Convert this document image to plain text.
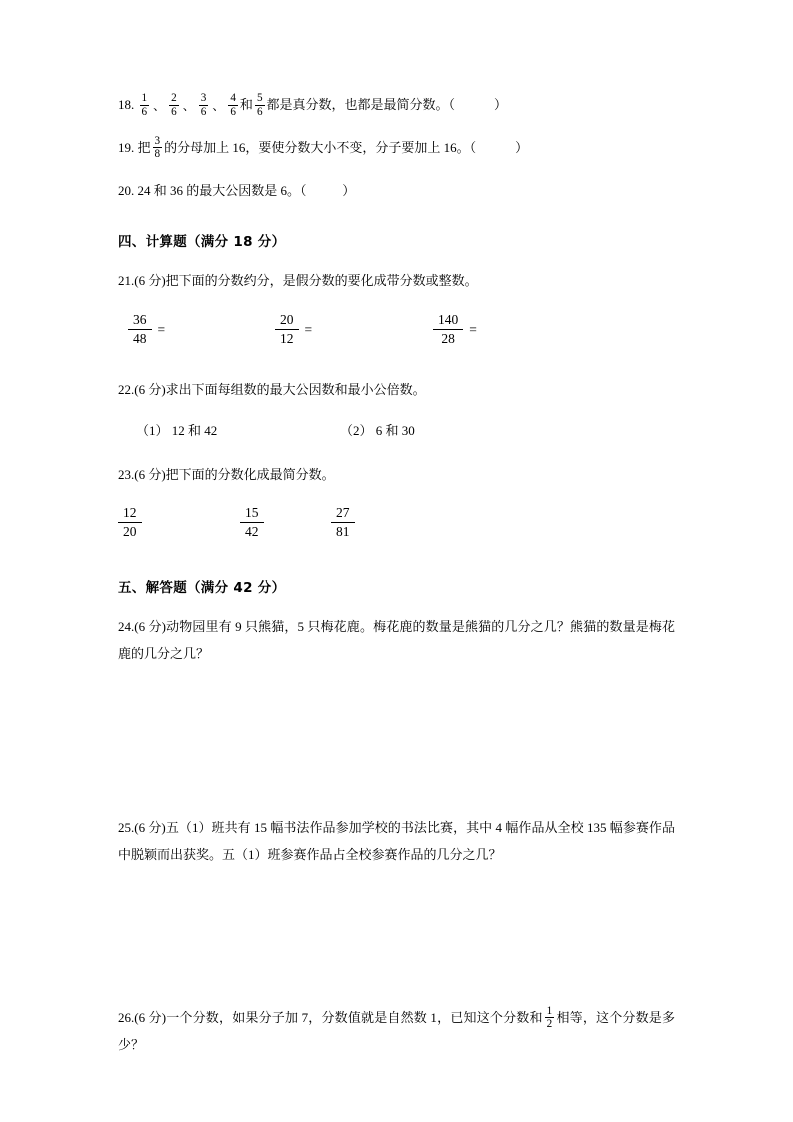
18. $\frac{1}{6}$ 、 $\frac{2}{6}$ 、 $\frac{3}{6}$ 、 $\frac{4}{6}$ 和 $\frac{5}{6}$ 都是真分数，也都是最简分数。（	）
19. 把 $\frac{3}{8}$ 的分母加上 16，要使分数大小不变，分子要加上 16。（	）
20. 24 和 36 的最大公因数是 6。（	）
四、计算题（满分 18 分）
21.(6 分)把下面的分数约分，是假分数的要化成带分数或整数。
$\frac{36}{48}$ =	$\frac{20}{12}$ =	$\frac{140}{28}$ =
22.(6 分)求出下面每组数的最大公因数和最小公倍数。
（1） 12 和 42	（2） 6 和 30
23.(6 分)把下面的分数化成最简分数。
$\frac{12}{20}$	$\frac{15}{42}$	$\frac{27}{81}$
五、解答题（满分 42 分）
24.(6 分)动物园里有 9 只熊猫，5 只梅花鹿。梅花鹿的数量是熊猫的几分之几？熊猫的数量是梅花鹿的几分之几？
25.(6 分)五（1）班共有 15 幅书法作品参加学校的书法比赛，其中 4 幅作品从全校 135 幅参赛作品中脱颖而出获奖。五（1）班参赛作品占全校参赛作品的几分之几？
26.(6 分)一个分数，如果分子加 7，分数值就是自然数 1，已知这个分数和 $\frac{1}{2}$ 相等，这个分数是多少？
